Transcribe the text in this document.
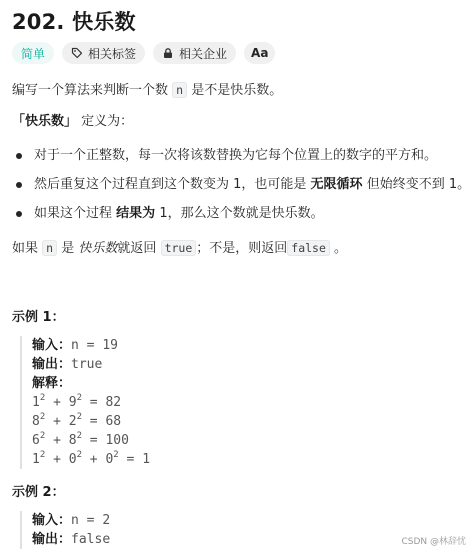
202. 快乐数
简单	相关标签	相关企业 Aa
编写一个算法来判断一个数 n 是不是快乐数。
「快乐数」 定义为：
对于一个正整数，每一次将该数替换为它每个位置上的数字的平方和。
然后重复这个过程直到这个数变为 1，也可能是 无限循环 但始终变不到 1。
如果这个过程 结果为 1，那么这个数就是快乐数。
如果 n 是 快乐数就返回 true ；不是，则返回 false 。
示例 1：
输入：n = 19
输出：true
解释：
$1^2 + 9^2 = 82$
$8^2 + 2^2 = 68$
$6^2 + 8^2 = 100$
$1^2 + 0^2 + 0^2 = 1$
示例 2：
输入：n = 2
输出：false	CSDN @林辞忧
